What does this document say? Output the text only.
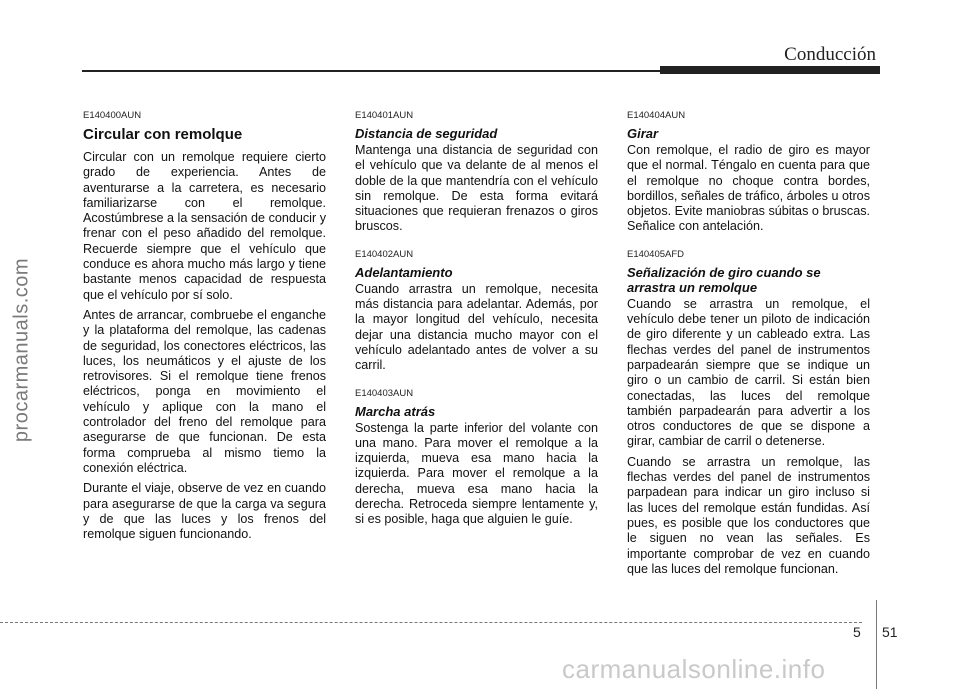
Conducción
procarmanuals.com

E140400AUN

Circular con remolque

Circular con un remolque requiere cierto grado de experiencia. Antes de aventurarse a la carretera, es necesario familiarizarse con el remolque. Acostúmbrese a la sensación de conducir y frenar con el peso añadido del remolque. Recuerde siempre que el vehículo que conduce es ahora mucho más largo y tiene bastante menos capacidad de respuesta que el vehículo por sí solo.

Antes de arrancar, combruebe el enganche y la plataforma del remolque, las cadenas de seguridad, los conectores eléctricos, las luces, los neumáticos y el ajuste de los retrovisores. Si el remolque tiene frenos eléctricos, ponga en movimiento el vehículo y aplique con la mano el controlador del freno del remolque para asegurarse de que funcionan. De esta forma comprueba al mismo tiemo la conexión eléctrica.

Durante el viaje, observe de vez en cuando para asegurarse de que la carga va segura y de que las luces y los frenos del remolque siguen funcionando.

E140401AUN

Distancia de seguridad

Mantenga una distancia de seguridad con el vehículo que va delante de al menos el doble de la que mantendría con el vehículo sin remolque. De esta forma evitará situaciones que requieran frenazos o giros bruscos.

E140402AUN

Adelantamiento

Cuando arrastra un remolque, necesita más distancia para adelantar. Además, por la mayor longitud del vehículo, necesita dejar una distancia mucho mayor con el vehículo adelantado antes de volver a su carril.

E140403AUN

Marcha atrás

Sostenga la parte inferior del volante con una mano. Para mover el remolque a la izquierda, mueva esa mano hacia la izquierda. Para mover el remolque a la derecha, mueva esa mano hacia la derecha. Retroceda siempre lentamente y, si es posible, haga que alguien le guíe.

E140404AUN

Girar

Con remolque, el radio de giro es mayor que el normal. Téngalo en cuenta para que el remolque no choque contra bordes, bordillos, señales de tráfico, árboles u otros objetos. Evite maniobras súbitas o bruscas. Señalice con antelación.

E140405AFD

Señalización de giro cuando se arrastra un remolque

Cuando se arrastra un remolque, el vehículo debe tener un piloto de indicación de giro diferente y un cableado extra. Las flechas verdes del panel de instrumentos parpadearán siempre que se indique un giro o un cambio de carril. Si están bien conectadas, las luces del remolque también parpadearán para advertir a los otros conductores de que se dispone a girar, cambiar de carril o detenerse.

Cuando se arrastra un remolque, las flechas verdes del panel de instrumentos parpadean para indicar un giro incluso si las luces del remolque están fundidas. Así pues, es posible que los conductores que le siguen no vean las señales. Es importante comprobar de vez en cuando que las luces del remolque funcionan.

5 51
carmanualsonline.info
